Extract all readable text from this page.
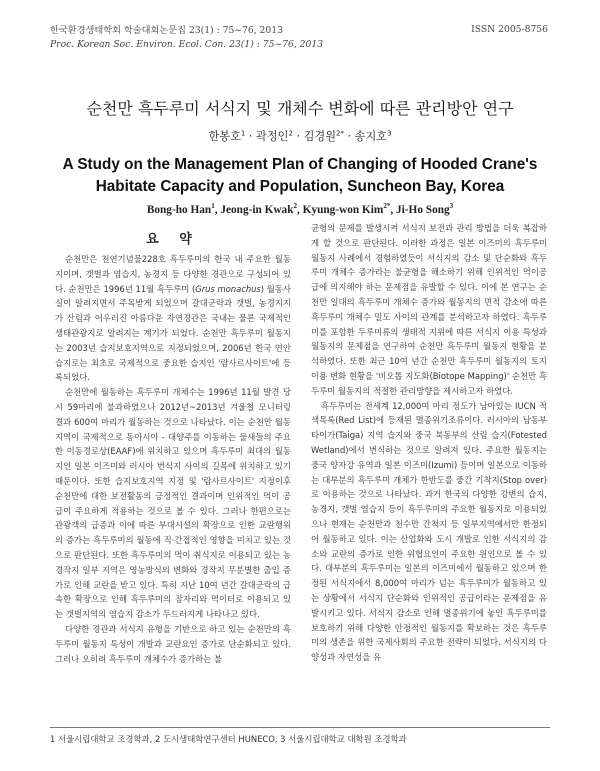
한국환경생태학회 학술대회논문집 23(1) : 75~76, 2013
Proc. Korean Soc. Environ. Ecol. Con. 23(1) : 75~76, 2013
ISSN 2005-8756
순천만 흑두루미 서식지 및 개체수 변화에 따른 관리방안 연구
한봉호$^1$ · 곽정인$^2$ · 김경원$^{2*}$ · 송지호$^3$
A Study on the Management Plan of Changing of Hooded Crane's Habitate Capacity and Population, Suncheon Bay, Korea
Bong-ho Han$^1$, Jeong-in Kwak$^2$, Kyung-won Kim$^{2*}$, Ji-Ho Song$^3$
요 약

순천만은 천연기념물228호 흑두루미의 한국 내 주요한 월동지이며, 갯벌과 염습지, 농경지 등 다양한 경관으로 구성되어 있다. 순천만은 1996년 11월 흑두루미 (Grus monachus) 월동사실이 알려지면서 주목받게 되었으며 갈대군락과 갯벌, 농경지지가 산림과 어우러진 아름다운 자연경관은 국내는 물론 국제적인 생태관광지로 알려지는 계기가 되었다. 순천만 흑두루미 월동지는 2003년 습지보호지역으로 지정되었으며, 2006년 한국 연안습지로는 최초로 국제적으로 중요한 습지인 '람사르사이트'에 등록되었다.

순천만에 월동하는 흑두루미 개체수는 1996년 11월 발견 당시 59마리에 불과하였으나 2012년~2013년 겨울철 모니터링 결과 600여 마리가 월동하는 것으로 나타났다. 이는 순천만 월동지역이 국제적으로 동아시아 - 대양주를 이동하는 물새들의 주요한 이동경로상(EAAF)에 위치하고 있으며 흑두루미 최대의 월동지인 일본 이즈미와 러시아 번식지 사이의 길목에 위치하고 있기 때문이다. 또한 습지보호지역 지정 및 '람사르사이트' 지정이후 순천만에 대한 보전활동의 긍정적인 결과이며 인위적인 먹이 공급이 주요하게 적용하는 것으로 볼 수 있다. 그러나 한편으로는 관광객의 급증과 이에 따른 부대시설의 확장으로 인한 교란행위의 증가는 흑두루미의 월동에 직·간접적인 영향을 미치고 있는 것으로 판단된다. 또한 흑두루미의 먹이 취식지로 이용되고 있는 농경작지 일부 지역은 영농방식의 변화와 경작지 무분별한 출입 증가로 인해 교란을 받고 있다. 특히 지난 10여 년간 갈대군락의 급속한 확장으로 인해 흑두루미의 잠자리와 먹이터로 이용되고 있는 갯벌지역의 염습지 감소가 두드러지게 나타나고 있다.

다양한 경관과 서식지 유형을 기반으로 하고 있는 순천만의 흑두루미 월동지 특성이 개발과 교란요인 증가로 단순화되고 있다. 그러나 오히려 흑두루미 개체수가 증가하는 불

균형의 문제를 발생시켜 서식지 보전과 관리 방법을 더욱 복잡하게 할 것으로 판단된다. 이러한 과정은 일본 이즈미의 흑두루미 월동지 사례에서 경험하였듯이 서식지의 감소 및 단순화와 흑두루미 개체수 증가라는 불균형을 해소하기 위해 인위적인 먹이공급에 의지해야 하는 문제점을 유발할 수 있다. 이에 본 연구는 순천만 일대의 흑두루미 개체수 증가와 월동지의 면적 감소에 따른 흑두루미 개체수 밀도 사이의 관계를 분석하고자 하였다. 흑두루미를 포함한 두루미류의 생태적 지위에 따른 서식지 이용 특성과 월동지의 문제점을 연구하여 순천만 흑두루미 월동지 현황을 분석하였다. 또한 최근 10여 년간 순천만 흑두루미 월동지의 토지이용 변화 현황을 '비오톱 지도화(Biotope Mapping)' 순천만 흑두루미 월동지의 적절한 관리방향을 제시하고자 하였다.

흑두루미는 전세계 12,000여 마리 정도가 남아있는 IUCN 적색목록(Red List)에 등재된 멸종위기조류이다. 러시아의 남동부 타이가(Taiga) 지역 습지와 중국 북동부의 산림 습지(Fotested Wetland)에서 번식하는 것으로 알려져 있다. 주요한 월동지는 중국 양자강 유역과 일본 이즈미(Izumi) 등이며 일본으로 이동하는 대부분의 흑두루미 개체가 한반도를 중간 기착지(Stop over)로 이용하는 것으로 나타났다. 과거 한국의 다양한 강변의 습지, 농경지, 갯벌 염습지 등이 흑두루미의 주요한 월동지로 이용되었으나 현재는 순천만과 천수만 간척지 등 일부지역에서만 한정되어 월동하고 있다. 이는 산업화와 도시 개발로 인한 서식지의 감소와 교란의 증가로 인한 위협요인이 주요한 원인으로 볼 수 있다. 대부분의 흑두루미는 일본의 이즈미에서 월동하고 있으며 한정된 서식지에서 8,000여 마리가 넘는 흑두루미가 월동하고 있는 상황에서 서식지 단순화와 인위적인 공급이라는 문제점을 유발시키고 있다. 서식지 감소로 인해 멸종위기에 놓인 흑두루미를 보호하기 위해 다양한 안정적인 월동지를 확보하는 것은 흑두루미의 생존을 위한 국제사회의 주요한 전략이 되었다. 서식지의 다양성과 자연성을 유

1 서울시립대학교 조경학과, 2 도시생태학연구센터 HUNECO, 3 서울시립대학교 대학원 조경학과
